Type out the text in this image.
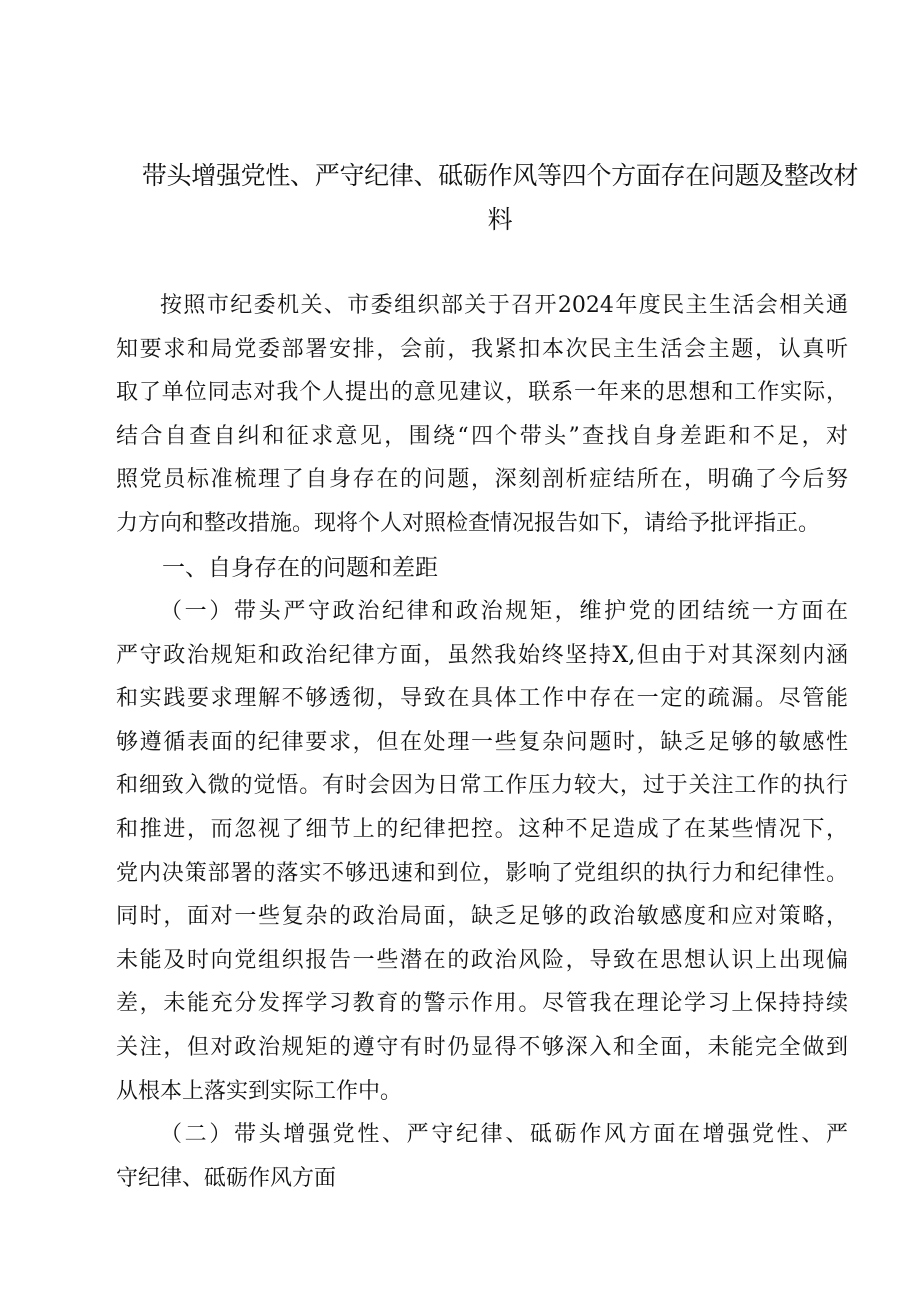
带头增强党性、严守纪律、砥砺作风等四个方面存在问题及整改材
料
按照市纪委机关、市委组织部关于召开2024年度民主生活会相关通
知要求和局党委部署安排，会前，我紧扣本次民主生活会主题，认真听
取了单位同志对我个人提出的意见建议，联系一年来的思想和工作实际，
结合自查自纠和征求意见，围绕“四个带头”查找自身差距和不足，对
照党员标准梳理了自身存在的问题，深刻剖析症结所在，明确了今后努
力方向和整改措施。现将个人对照检查情况报告如下，请给予批评指正。
一、自身存在的问题和差距
（一）带头严守政治纪律和政治规矩，维护党的团结统一方面在
严守政治规矩和政治纪律方面，虽然我始终坚持X,但由于对其深刻内涵
和实践要求理解不够透彻，导致在具体工作中存在一定的疏漏。尽管能
够遵循表面的纪律要求，但在处理一些复杂问题时，缺乏足够的敏感性
和细致入微的觉悟。有时会因为日常工作压力较大，过于关注工作的执行
和推进，而忽视了细节上的纪律把控。这种不足造成了在某些情况下，
党内决策部署的落实不够迅速和到位，影响了党组织的执行力和纪律性。
同时，面对一些复杂的政治局面，缺乏足够的政治敏感度和应对策略，
未能及时向党组织报告一些潜在的政治风险，导致在思想认识上出现偏
差，未能充分发挥学习教育的警示作用。尽管我在理论学习上保持持续
关注，但对政治规矩的遵守有时仍显得不够深入和全面，未能完全做到
从根本上落实到实际工作中。
（二）带头增强党性、严守纪律、砥砺作风方面在增强党性、严
守纪律、砥砺作风方面
